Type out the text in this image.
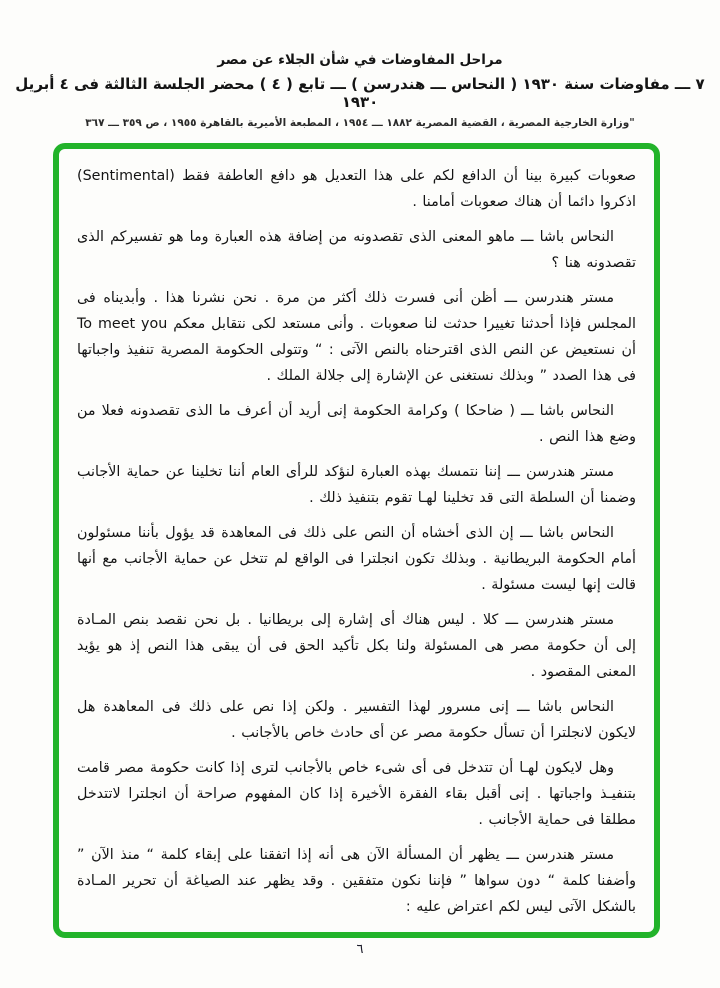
مراحل المفاوضات في شأن الجلاء عن مصر
٧ ـــ مفاوضات سنة ١٩٣٠ ( النحاس ـــ هندرسن ) ـــ تابع ( ٤ ) محضر الجلسة الثالثة فى ٤ أبريل ١٩٣٠
"وزارة الخارجية المصرية ، القضية المصرية ١٨٨٢ ـــ ١٩٥٤ ، المطبعة الأميرية بالقاهرة ١٩٥٥ ، ص ٣٥٩ ـــ ٣٦٧

صعوبات كبيرة بينا أن الدافع لكم على هذا التعديل هو دافع العاطفة فقط (Sentimental) اذكروا دائما أن هناك صعوبات أمامنا .

النحاس باشا ـــ ماهو المعنى الذى تقصدونه من إضافة هذه العبارة وما هو تفسيركم الذى تقصدونه هنا ؟

مستر هندرسن ـــ أظن أنى فسرت ذلك أكثر من مرة . نحن نشرنا هذا . وأبديناه فى المجلس فإذا أحدثنا تغييرا حدثت لنا صعوبات . وأنى مستعد لكى نتقابل معكم To meet you أن نستعيض عن النص الذى اقترحناه بالنص الآتى : “ وتتولى الحكومة المصرية تنفيذ واجباتها فى هذا الصدد ” وبذلك نستغنى عن الإشارة إلى جلالة الملك .

النحاس باشا ـــ ( ضاحكا ) وكرامة الحكومة إنى أريد أن أعرف ما الذى تقصدونه فعلا من وضع هذا النص .

مستر هندرسن ـــ إننا نتمسك بهذه العبارة لنؤكد للرأى العام أننا تخلينا عن حماية الأجانب وضمنا أن السلطة التى قد تخلينا لهـا تقوم بتنفيذ ذلك .

النحاس باشا ـــ إن الذى أخشاه أن النص على ذلك فى المعاهدة قد يؤول بأننا مسئولون أمام الحكومة البريطانية . وبذلك تكون انجلترا فى الواقع لم تتخل عن حماية الأجانب مع أنها قالت إنها ليست مسئولة .

مستر هندرسن ـــ كلا . ليس هناك أى إشارة إلى بريطانيا . بل نحن نقصد بنص المـادة إلى أن حكومة مصر هى المسئولة ولنا بكل تأكيد الحق فى أن يبقى هذا النص إذ هو يؤيد المعنى المقصود .

النحاس باشا ـــ إنى مسرور لهذا التفسير . ولكن إذا نص على ذلك فى المعاهدة هل لايكون لانجلترا أن تسأل حكومة مصر عن أى حادث خاص بالأجانب .

وهل لايكون لهـا أن تتدخل فى أى شىء خاص بالأجانب لترى إذا كانت حكومة مصر قامت بتنفيـذ واجباتها . إنى أقبل بقاء الفقرة الأخيرة إذا كان المفهوم صراحة أن انجلترا لاتتدخل مطلقا فى حماية الأجانب .

مستر هندرسن ـــ يظهر أن المسألة الآن هى أنه إذا اتفقنا على إبقاء كلمة “ منذ الآن ” وأضفنا كلمة “ دون سواها ” فإننا نكون متفقين . وقد يظهر عند الصياغة أن تحرير المـادة بالشكل الآتى ليس لكم اعتراض عليه :

٦
